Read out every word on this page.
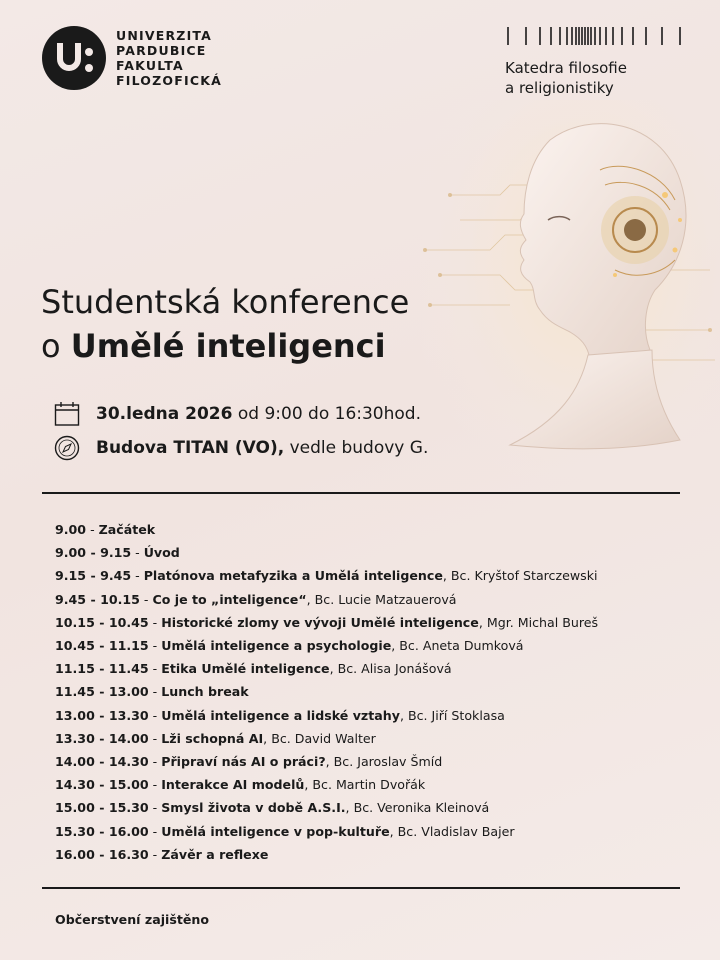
UNIVERZITA
PARDUBICE
FAKULTA
FILOZOFICKÁ
Katedra filosofie
a religionistiky
Studentská konference
o Umělé inteligenci
30.ledna 2026 od 9:00 do 16:30hod.
Budova TITAN (VO), vedle budovy G.
9.00 - Začátek
9.00 - 9.15 - Úvod
9.15 - 9.45 - Platónova metafyzika a Umělá inteligence, Bc. Kryštof Starczewski
9.45 - 10.15 - Co je to „inteligence“, Bc. Lucie Matzauerová
10.15 - 10.45 - Historické zlomy ve vývoji Umělé inteligence, Mgr. Michal Bureš
10.45 - 11.15 - Umělá inteligence a psychologie, Bc. Aneta Dumková
11.15 - 11.45 - Etika Umělé inteligence, Bc. Alisa Jonášová
11.45 - 13.00 - Lunch break
13.00 - 13.30 - Umělá inteligence a lidské vztahy, Bc. Jiří Stoklasa
13.30 - 14.00 - Lži schopná AI, Bc. David Walter
14.00 - 14.30 - Připraví nás AI o práci?, Bc. Jaroslav Šmíd
14.30 - 15.00 - Interakce AI modelů, Bc. Martin Dvořák
15.00 - 15.30 - Smysl života v době A.S.I., Bc. Veronika Kleinová
15.30 - 16.00 - Umělá inteligence v pop-kultuře, Bc. Vladislav Bajer
16.00 - 16.30 - Závěr a reflexe
Občerstvení zajištěno
